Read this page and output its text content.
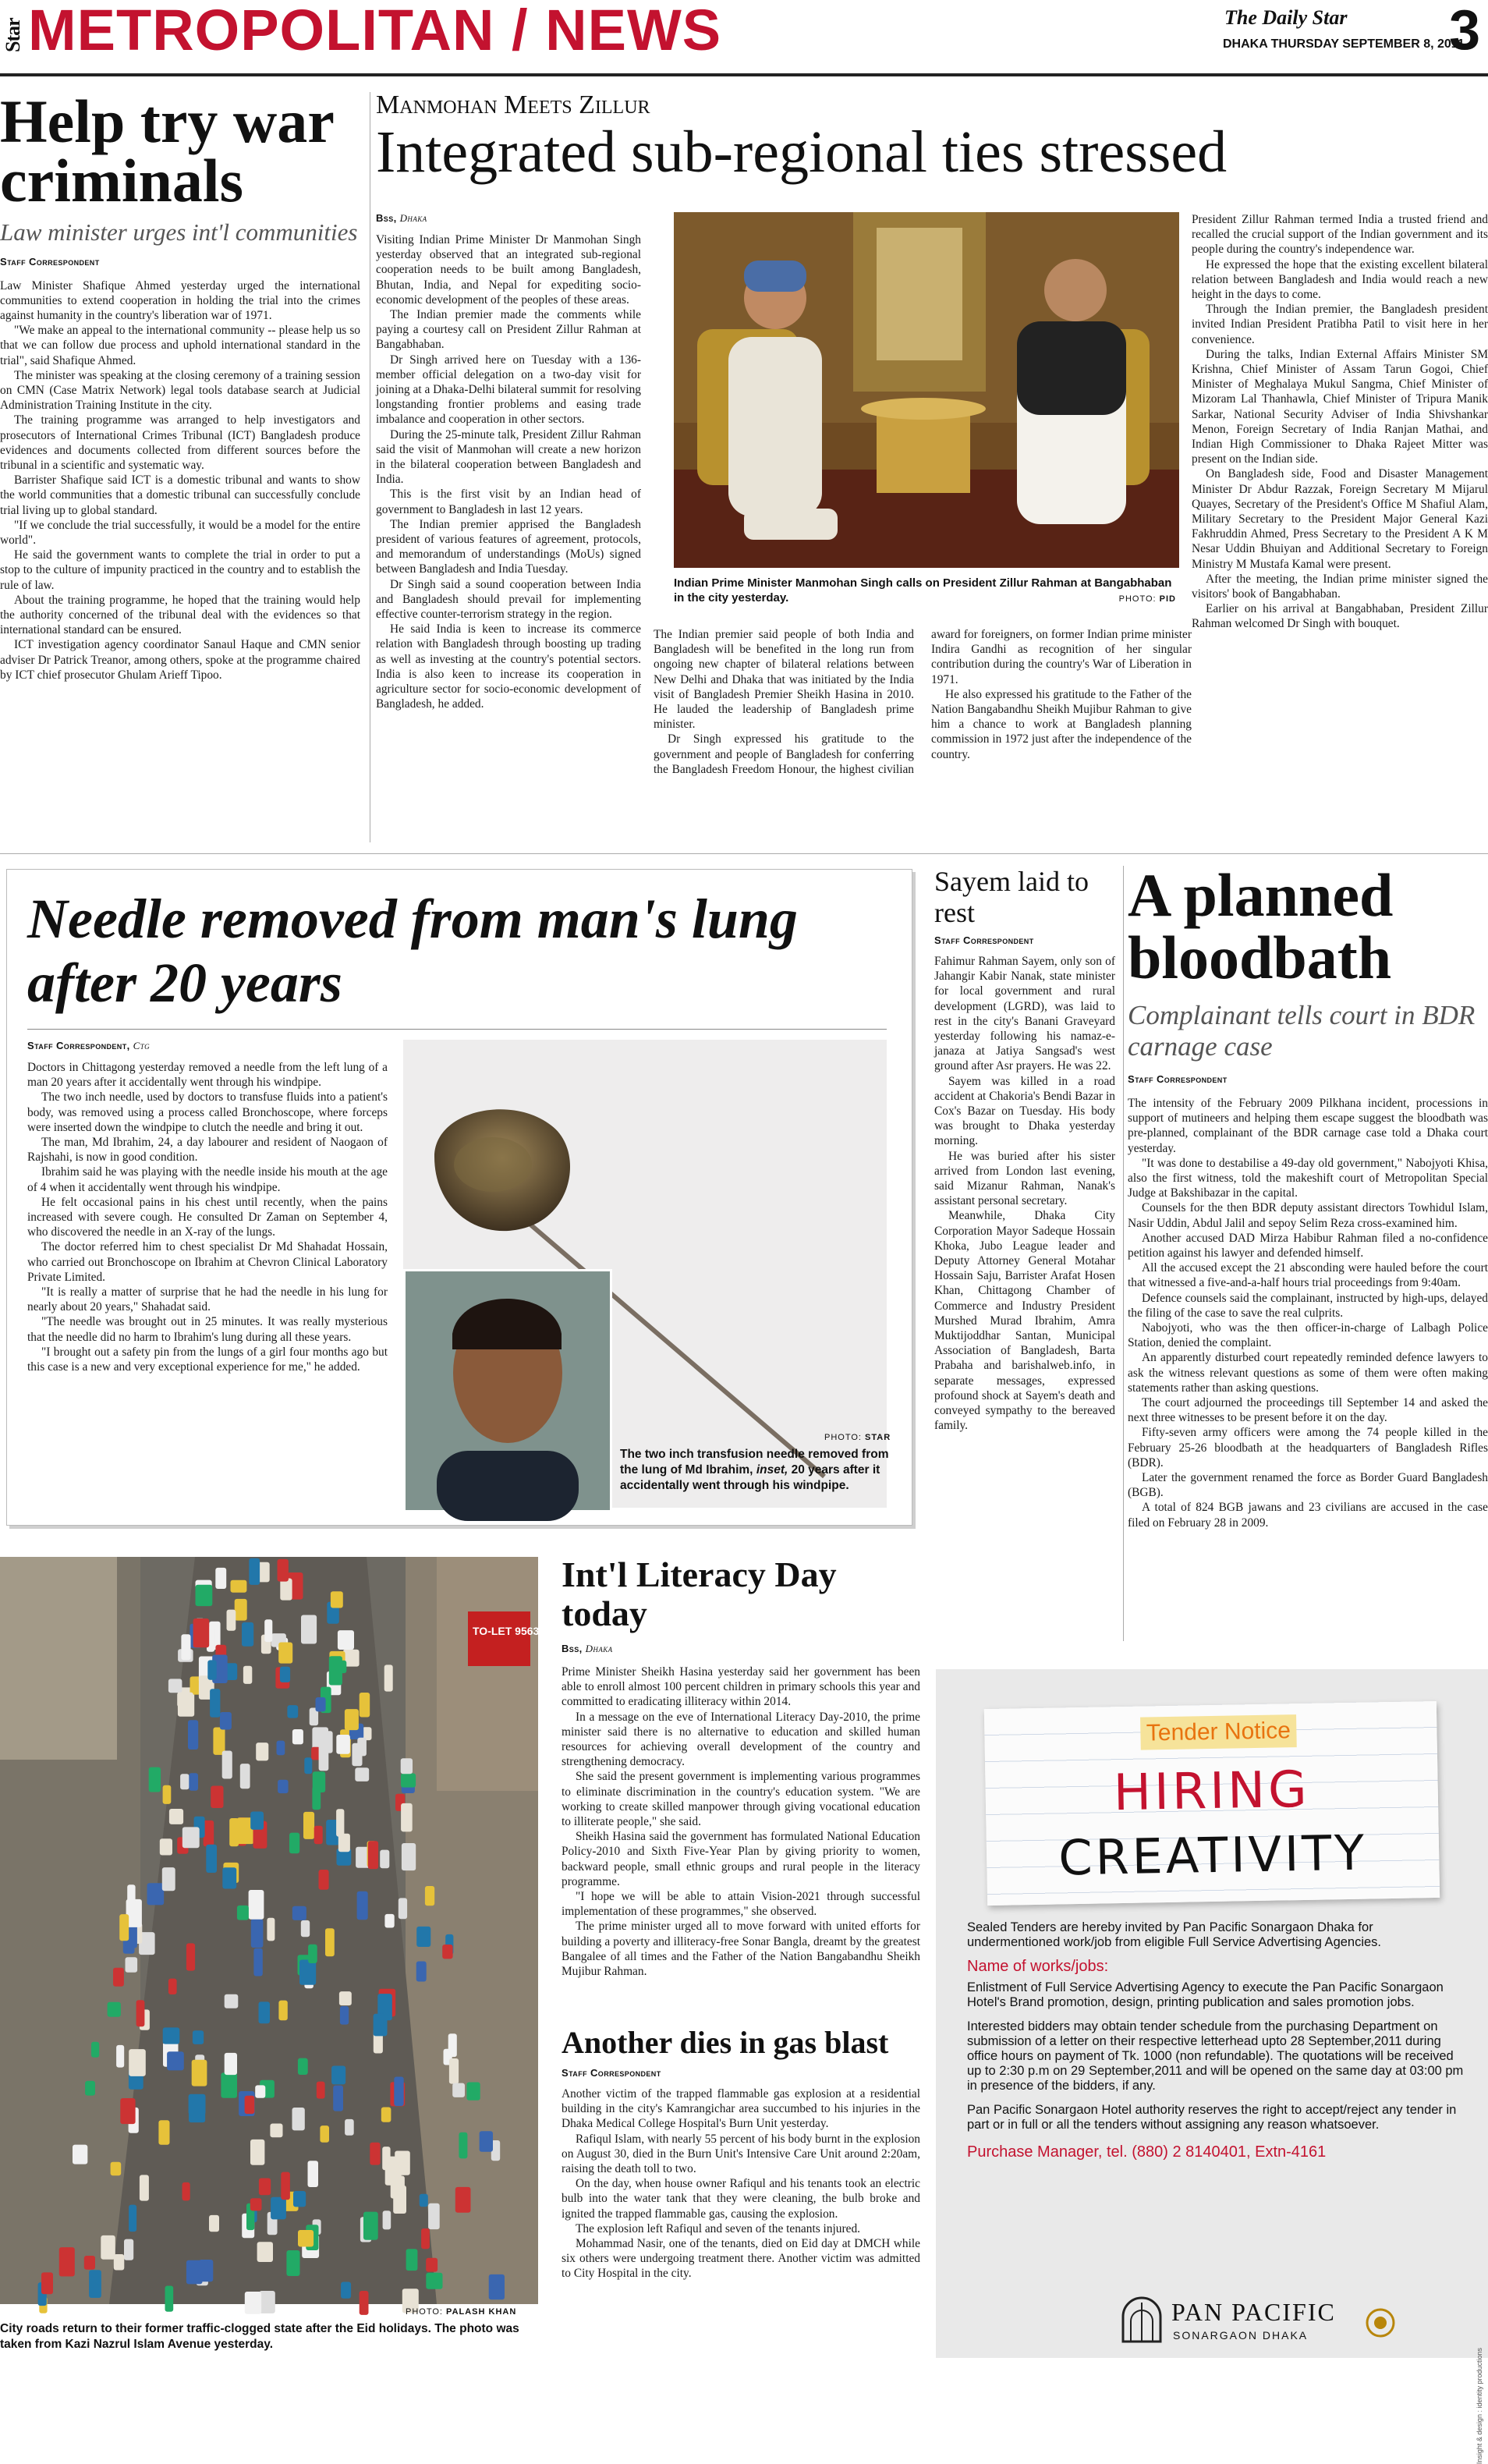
Star METROPOLITAN / NEWS	The Daily Star
DHAKA THURSDAY SEPTEMBER 8, 2011
3
Help try war criminals
Law minister urges int'l communities
Staff Correspondent

Law Minister Shafique Ahmed yesterday urged the international communities to extend cooperation in holding the trial into the crimes against humanity in the country's liberation war of 1971.

"We make an appeal to the international community -- please help us so that we can follow due process and uphold international standard in the trial", said Shafique Ahmed.

The minister was speaking at the closing ceremony of a training session on CMN (Case Matrix Network) legal tools database search at Judicial Administration Training Institute in the city.

The training programme was arranged to help investigators and prosecutors of International Crimes Tribunal (ICT) Bangladesh produce evidences and documents collected from different sources before the tribunal in a scientific and systematic way.

Barrister Shafique said ICT is a domestic tribunal and wants to show the world communities that a domestic tribunal can successfully conclude trial living up to global standard.

"If we conclude the trial successfully, it would be a model for the entire world".

He said the government wants to complete the trial in order to put a stop to the culture of impunity practiced in the country and to establish the rule of law.

About the training programme, he hoped that the training would help the authority concerned of the tribunal deal with the evidences so that international standard can be ensured.

ICT investigation agency coordinator Sanaul Haque and CMN senior adviser Dr Patrick Treanor, among others, spoke at the programme chaired by ICT chief prosecutor Ghulam Arieff Tipoo.

Manmohan Meets Zillur
Integrated sub-regional ties stressed
Bss, Dhaka

Visiting Indian Prime Minister Dr Manmohan Singh yesterday observed that an integrated sub-regional cooperation needs to be built among Bangladesh, Bhutan, India, and Nepal for expediting socio-economic development of the peoples of these areas.

The Indian premier made the comments while paying a courtesy call on President Zillur Rahman at Bangabhaban.

Dr Singh arrived here on Tuesday with a 136-member official delegation on a two-day visit for joining at a Dhaka-Delhi bilateral summit for resolving longstanding frontier problems and easing trade imbalance and cooperation in other sectors.

During the 25-minute talk, President Zillur Rahman said the visit of Manmohan will create a new horizon in the bilateral cooperation between Bangladesh and India.

This is the first visit by an Indian head of government to Bangladesh in last 12 years.

The Indian premier apprised the Bangladesh president of various features of agreement, protocols, and memorandum of understandings (MoUs) signed between Bangladesh and India Tuesday.

Dr Singh said a sound cooperation between India and Bangladesh should prevail for implementing effective counter-terrorism strategy in the region.

He said India is keen to increase its commerce relation with Bangladesh through boosting up trading as well as investing at the country's potential sectors. India is also keen to increase its cooperation in agriculture sector for socio-economic development of Bangladesh, he added.

Indian Prime Minister Manmohan Singh calls on President Zillur Rahman at Bangabhaban in the city yesterday.	PHOTO: PID

The Indian premier said people of both India and Bangladesh will be benefited in the long run from ongoing new chapter of bilateral relations between New Delhi and Dhaka that was initiated by the India visit of Bangladesh Premier Sheikh Hasina in 2010. He lauded the leadership of Bangladesh prime minister.

Dr Singh expressed his gratitude to the government and people of Bangladesh for conferring the Bangladesh Freedom Honour, the highest civilian award for foreigners, on former Indian prime minister Indira Gandhi as recognition of her singular contribution during the country's War of Liberation in 1971.

He also expressed his gratitude to the Father of the Nation Bangabandhu Sheikh Mujibur Rahman to give him a chance to work at Bangladesh planning commission in 1972 just after the independence of the country.

President Zillur Rahman termed India a trusted friend and recalled the crucial support of the Indian government and its people during the country's independence war.

He expressed the hope that the existing excellent bilateral relation between Bangladesh and India would reach a new height in the days to come.

Through the Indian premier, the Bangladesh president invited Indian President Pratibha Patil to visit here in her convenience.

During the talks, Indian External Affairs Minister SM Krishna, Chief Minister of Assam Tarun Gogoi, Chief Minister of Meghalaya Mukul Sangma, Chief Minister of Mizoram Lal Thanhawla, Chief Minister of Tripura Manik Sarkar, National Security Adviser of India Shivshankar Menon, Foreign Secretary of India Ranjan Mathai, and Indian High Commissioner to Dhaka Rajeet Mitter was present on the Indian side.

On Bangladesh side, Food and Disaster Management Minister Dr Abdur Razzak, Foreign Secretary M Mijarul Quayes, Secretary of the President's Office M Shafiul Alam, Military Secretary to the President Major General Kazi Fakhruddin Ahmed, Press Secretary to the President A K M Nesar Uddin Bhuiyan and Additional Secretary to Foreign Ministry M Mustafa Kamal were present.

After the meeting, the Indian prime minister signed the visitors' book of Bangabhaban.

Earlier on his arrival at Bangabhaban, President Zillur Rahman welcomed Dr Singh with bouquet.

Needle removed from man's lung after 20 years
Staff Correspondent, Ctg

Doctors in Chittagong yesterday removed a needle from the left lung of a man 20 years after it accidentally went through his windpipe.

The two inch needle, used by doctors to transfuse fluids into a patient's body, was removed using a process called Bronchoscope, where forceps were inserted down the windpipe to clutch the needle and bring it out.

The man, Md Ibrahim, 24, a day labourer and resident of Naogaon of Rajshahi, is now in good condition.

Ibrahim said he was playing with the needle inside his mouth at the age of 4 when it accidentally went through his windpipe.

He felt occasional pains in his chest until recently, when the pains increased with severe cough. He consulted Dr Zaman on September 4, who discovered the needle in an X-ray of the lungs.

The doctor referred him to chest specialist Dr Md Shahadat Hossain, who carried out Bronchoscope on Ibrahim at Chevron Clinical Laboratory Private Limited.

"It is really a matter of surprise that he had the needle in his lung for nearly about 20 years," Shahadat said.

"The needle was brought out in 25 minutes. It was really mysterious that the needle did no harm to Ibrahim's lung during all these years.

"I brought out a safety pin from the lungs of a girl four months ago but this case is a new and very exceptional experience for me," he added.

PHOTO: STAR
The two inch transfusion needle removed from the lung of Md Ibrahim, inset, 20 years after it accidentally went through his windpipe.
Sayem laid to rest
Staff Correspondent

Fahimur Rahman Sayem, only son of Jahangir Kabir Nanak, state minister for local government and rural development (LGRD), was laid to rest in the city's Banani Graveyard yesterday following his namaz-e-janaza at Jatiya Sangsad's west ground after Asr prayers. He was 22.

Sayem was killed in a road accident at Chakoria's Bendi Bazar in Cox's Bazar on Tuesday. His body was brought to Dhaka yesterday morning.

He was buried after his sister arrived from London last evening, said Mizanur Rahman, Nanak's assistant personal secretary.

Meanwhile, Dhaka City Corporation Mayor Sadeque Hossain Khoka, Jubo League leader and Deputy Attorney General Motahar Hossain Saju, Barrister Arafat Hosen Khan, Chittagong Chamber of Commerce and Industry President Murshed Murad Ibrahim, Amra Muktijoddhar Santan, Municipal Association of Bangladesh, Barta Prabaha and barishalweb.info, in separate messages, expressed profound shock at Sayem's death and conveyed sympathy to the bereaved family.

A planned bloodbath
Complainant tells court in BDR carnage case
Staff Correspondent

The intensity of the February 2009 Pilkhana incident, processions in support of mutineers and helping them escape suggest the bloodbath was pre-planned, complainant of the BDR carnage case told a Dhaka court yesterday.

"It was done to destabilise a 49-day old government," Nabojyoti Khisa, also the first witness, told the makeshift court of Metropolitan Special Judge at Bakshibazar in the capital.

Counsels for the then BDR deputy assistant directors Towhidul Islam, Nasir Uddin, Abdul Jalil and sepoy Selim Reza cross-examined him.

Another accused DAD Mirza Habibur Rahman filed a no-confidence petition against his lawyer and defended himself.

All the accused except the 21 absconding were hauled before the court that witnessed a five-and-a-half hours trial proceedings from 9:40am.

Defence counsels said the complainant, instructed by high-ups, delayed the filing of the case to save the real culprits.

Nabojyoti, who was the then officer-in-charge of Lalbagh Police Station, denied the complaint.

An apparently disturbed court repeatedly reminded defence lawyers to ask the witness relevant questions as some of them were often making statements rather than asking questions.

The court adjourned the proceedings till September 14 and asked the next three witnesses to be present before it on the day.

Fifty-seven army officers were among the 74 people killed in the February 25-26 bloodbath at the headquarters of Bangladesh Rifles (BDR).

Later the government renamed the force as Border Guard Bangladesh (BGB).

A total of 824 BGB jawans and 23 civilians are accused in the case filed on February 28 in 2009.

TO-LET 9563233
PHOTO: PALASH KHAN
City roads return to their former traffic-clogged state after the Eid holidays. The photo was taken from Kazi Nazrul Islam Avenue yesterday.
Int'l Literacy Day today
Bss, Dhaka

Prime Minister Sheikh Hasina yesterday said her government has been able to enroll almost 100 percent children in primary schools this year and committed to eradicating illiteracy within 2014.

In a message on the eve of International Literacy Day-2010, the prime minister said there is no alternative to education and skilled human resources for achieving overall development of the country and strengthening democracy.

She said the present government is implementing various programmes to eliminate discrimination in the country's education system. "We are working to create skilled manpower through giving vocational education to illiterate people," she said.

Sheikh Hasina said the government has formulated National Education Policy-2010 and Sixth Five-Year Plan by giving priority to women, backward people, small ethnic groups and rural people in the literacy programme.

"I hope we will be able to attain Vision-2021 through successful implementation of these programmes," she observed.

The prime minister urged all to move forward with united efforts for building a poverty and illiteracy-free Sonar Bangla, dreamt by the greatest Bangalee of all times and the Father of the Nation Bangabandhu Sheikh Mujibur Rahman.

Another dies in gas blast
Staff Correspondent

Another victim of the trapped flammable gas explosion at a residential building in the city's Kamrangichar area succumbed to his injuries in the Dhaka Medical College Hospital's Burn Unit yesterday.

Rafiqul Islam, with nearly 55 percent of his body burnt in the explosion on August 30, died in the Burn Unit's Intensive Care Unit around 2:20am, raising the death toll to two.

On the day, when house owner Rafiqul and his tenants took an electric bulb into the water tank that they were cleaning, the bulb broke and ignited the trapped flammable gas, causing the explosion.

The explosion left Rafiqul and seven of the tenants injured.

Mohammad Nasir, one of the tenants, died on Eid day at DMCH while six others were undergoing treatment there. Another victim was admitted to City Hospital in the city.

Tender Notice
HIRING
CREATIVITY
Sealed Tenders are hereby invited by Pan Pacific Sonargaon Dhaka for undermentioned work/job from eligible Full Service Advertising Agencies.
Name of works/jobs:
Enlistment of Full Service Advertising Agency to execute the Pan Pacific Sonargaon Hotel's Brand promotion, design, printing publication and sales promotion jobs.
Interested bidders may obtain tender schedule from the purchasing Department on submission of a letter on their respective letterhead upto 28 September,2011 during office hours on payment of Tk. 1000 (non refundable). The quotations will be received up to 2:30 p.m on 29 September,2011 and will be opened on the same day at 03:00 pm in presence of the bidders, if any.
Pan Pacific Sonargaon Hotel authority reserves the right to accept/reject any tender in part or in full or all the tenders without assigning any reason whatsoever.
Purchase Manager, tel. (880) 2 8140401, Extn-4161
PAN PACIFIC
SONARGAON DHAKA
Insight & design : identity productions
